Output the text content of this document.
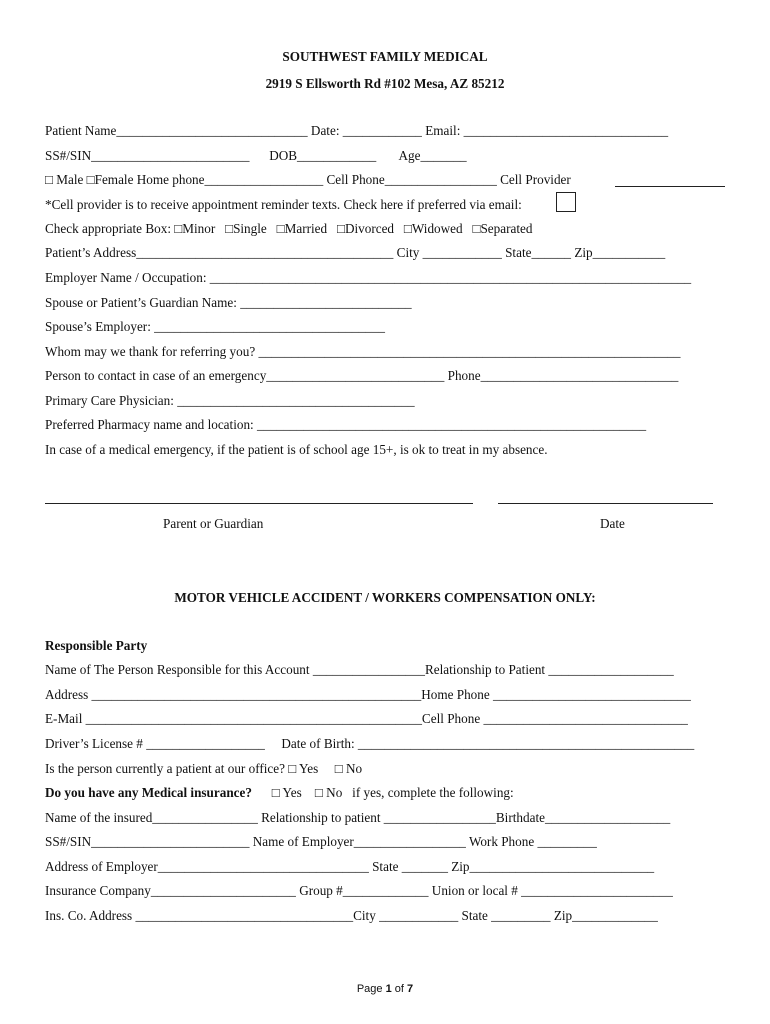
SOUTHWEST FAMILY MEDICAL
2919 S Ellsworth Rd #102 Mesa, AZ 85212
Patient Name_____________________________ Date: ____________ Email: _______________________________
SS#/SIN________________________      DOB____________       Age_______
□ Male □Female Home phone__________________ Cell Phone_________________ Cell Provider
*Cell provider is to receive appointment reminder texts. Check here if preferred via email:
Check appropriate Box: □Minor   □Single   □Married   □Divorced   □Widowed   □Separated
Patient’s Address_______________________________________ City ____________ State______ Zip___________
Employer Name / Occupation: _________________________________________________________________________
Spouse or Patient’s Guardian Name: __________________________
Spouse’s Employer: ___________________________________
Whom may we thank for referring you? ________________________________________________________________
Person to contact in case of an emergency___________________________ Phone______________________________
Primary Care Physician: ____________________________________
Preferred Pharmacy name and location: ___________________________________________________________
In case of a medical emergency, if the patient is of school age 15+, is ok to treat in my absence.
Parent or Guardian	Date
MOTOR VEHICLE ACCIDENT / WORKERS COMPENSATION ONLY:
Responsible Party
Name of The Person Responsible for this Account _________________Relationship to Patient ___________________
Address __________________________________________________Home Phone ______________________________
E-Mail ___________________________________________________Cell Phone _______________________________
Driver’s License # __________________     Date of Birth: ___________________________________________________
Is the person currently a patient at our office? □ Yes     □ No
Do you have any Medical insurance?      □ Yes    □ No   if yes, complete the following:
Name of the insured________________ Relationship to patient _________________Birthdate___________________
SS#/SIN________________________ Name of Employer_________________ Work Phone _________
Address of Employer________________________________ State _______ Zip____________________________
Insurance Company______________________ Group #_____________ Union or local # _______________________
Ins. Co. Address _________________________________City ____________ State _________ Zip_____________
Page 1 of 7
